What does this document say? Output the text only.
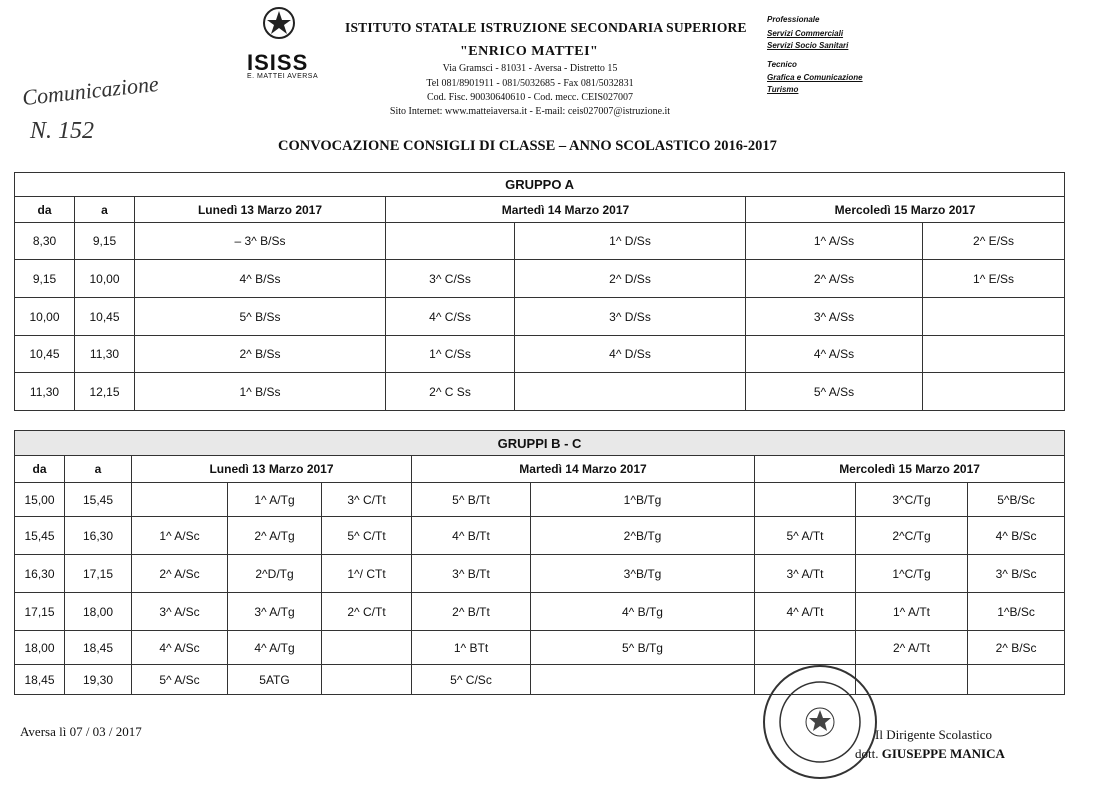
ISISS
E. MATTEI AVERSA
ISTITUTO STATALE ISTRUZIONE SECONDARIA SUPERIORE
"ENRICO MATTEI"
Via Gramsci - 81031 - Aversa - Distretto 15
Tel 081/8901911 - 081/5032685 - Fax 081/5032831
Cod. Fisc. 90030640610 - Cod. mecc. CEIS027007
Sito Internet: www.matteiaversa.it - E-mail: ceis027007@istruzione.it
Professionale
Servizi Commerciali
Servizi Socio Sanitari
Tecnico
Grafica e Comunicazione
Turismo
Comunicazione
N. 152
CONVOCAZIONE CONSIGLI DI CLASSE – ANNO SCOLASTICO 2016-2017
GRUPPO A						
da	a	Lunedì 13 Marzo 2017	Martedì 14 Marzo 2017		Mercoledì 15 Marzo 2017	
8,30	9,15	– 3^ B/Ss		1^ D/Ss	1^ A/Ss	2^ E/Ss
9,15	10,00	4^ B/Ss	3^ C/Ss	2^ D/Ss	2^ A/Ss	1^ E/Ss
10,00	10,45	5^ B/Ss	4^ C/Ss	3^ D/Ss	3^ A/Ss	
10,45	11,30	2^ B/Ss	1^ C/Ss	4^ D/Ss	4^ A/Ss	
11,30	12,15	1^ B/Ss	2^ C Ss		5^ A/Ss	
GRUPPI B - C									
da	a	Lunedì 13 Marzo 2017			Martedì 14 Marzo 2017		Mercoledì 15 Marzo 2017		
15,00	15,45		1^ A/Tg	3^ C/Tt	5^ B/Tt	1^B/Tg		3^C/Tg	5^B/Sc
15,45	16,30	1^ A/Sc	2^ A/Tg	5^ C/Tt	4^ B/Tt	2^B/Tg	5^ A/Tt	2^C/Tg	4^ B/Sc
16,30	17,15	2^ A/Sc	2^D/Tg	1^/ CTt	3^ B/Tt	3^B/Tg	3^ A/Tt	1^C/Tg	3^ B/Sc
17,15	18,00	3^ A/Sc	3^ A/Tg	2^ C/Tt	2^ B/Tt	4^ B/Tg	4^ A/Tt	1^ A/Tt	1^B/Sc
18,00	18,45	4^ A/Sc	4^ A/Tg		1^ BTt	5^ B/Tg		2^ A/Tt	2^ B/Sc
18,45	19,30	5^ A/Sc	5ATG		5^ C/Sc				
Aversa lì 07 / 03 / 2017	Il Dirigente Scolastico
dott. GIUSEPPE MANICA
